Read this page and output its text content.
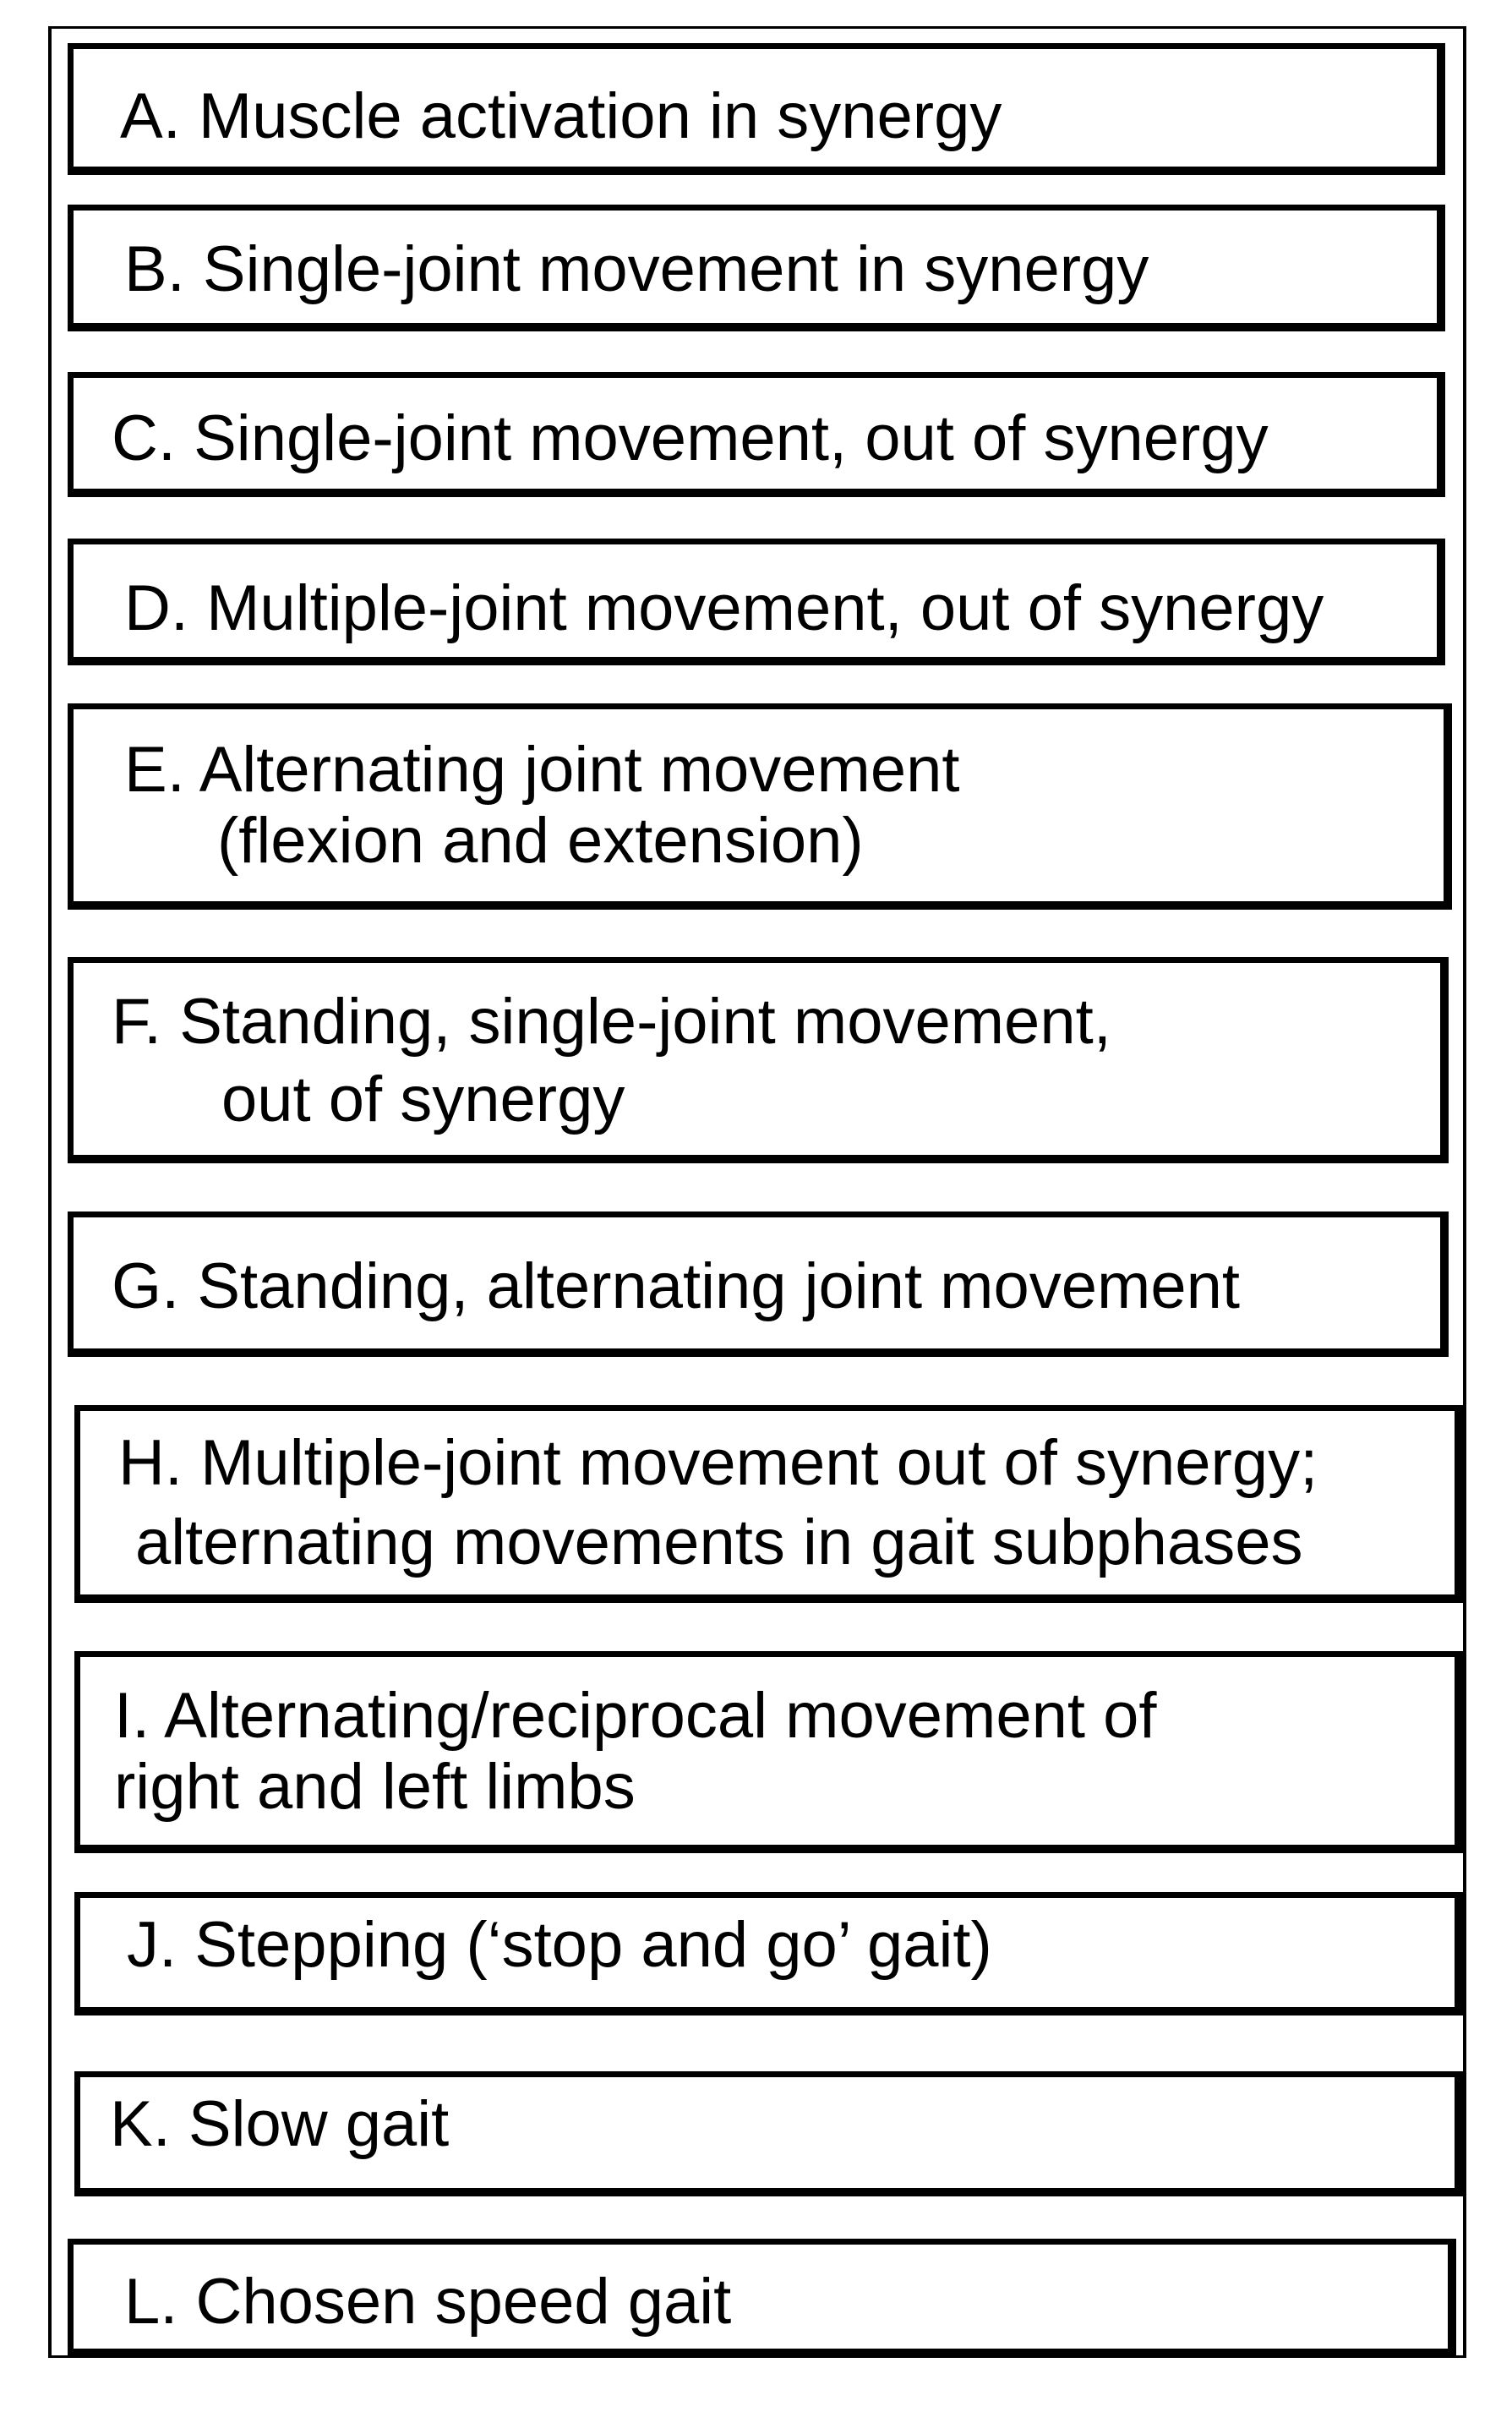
A. Muscle activation in synergy
B. Single-joint movement in synergy
C. Single-joint movement, out of synergy
D. Multiple-joint movement, out of synergy
E. Alternating joint movement
(flexion and extension)
F. Standing, single-joint movement,
out of synergy
G. Standing, alternating joint movement
H. Multiple-joint movement out of synergy;
alternating movements in gait subphases
I. Alternating/reciprocal movement of
right and left limbs
J. Stepping (‘stop and go’ gait)
K. Slow gait
L. Chosen speed gait
